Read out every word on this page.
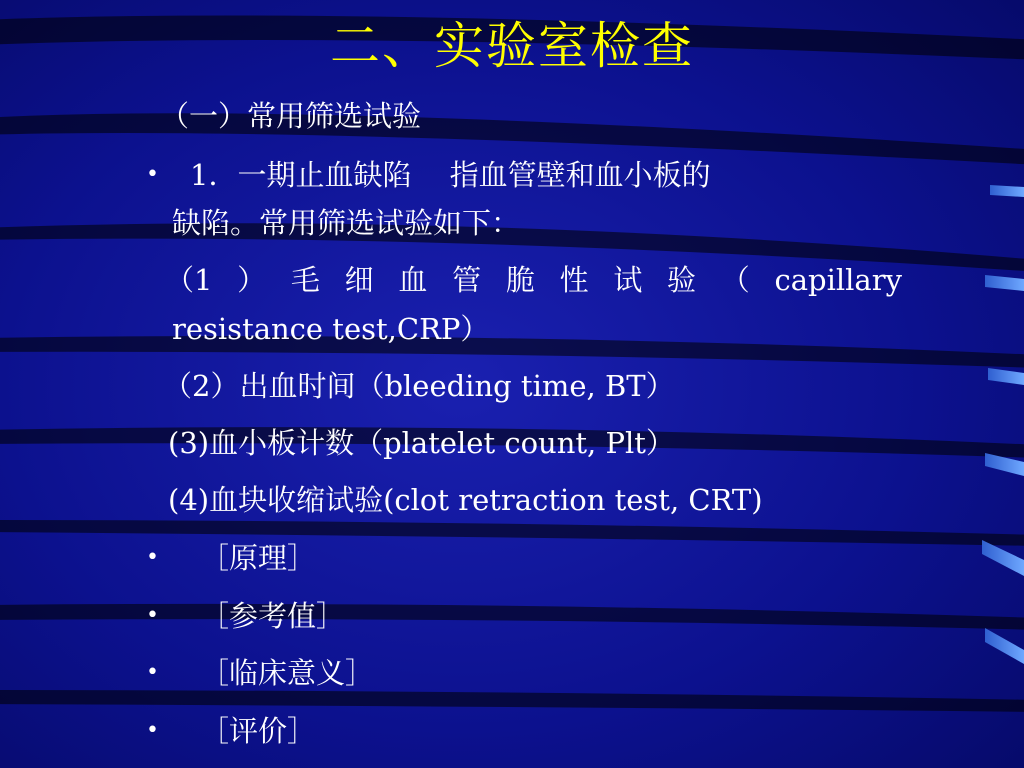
二、实验室检查
（一）常用筛选试验
• 1．一期止血缺陷　 指血管壁和血小板的
缺陷。常用筛选试验如下：
（1 ） 毛 细 血 管 脆 性 试 验 （ capillary
resistance test,CRP）
（2）出血时间（bleeding time, BT）
(3)血小板计数（platelet count, Plt）
(4)血块收缩试验(clot retraction test, CRT)
• ［原理］
• ［参考值］
• ［临床意义］
• ［评价］
